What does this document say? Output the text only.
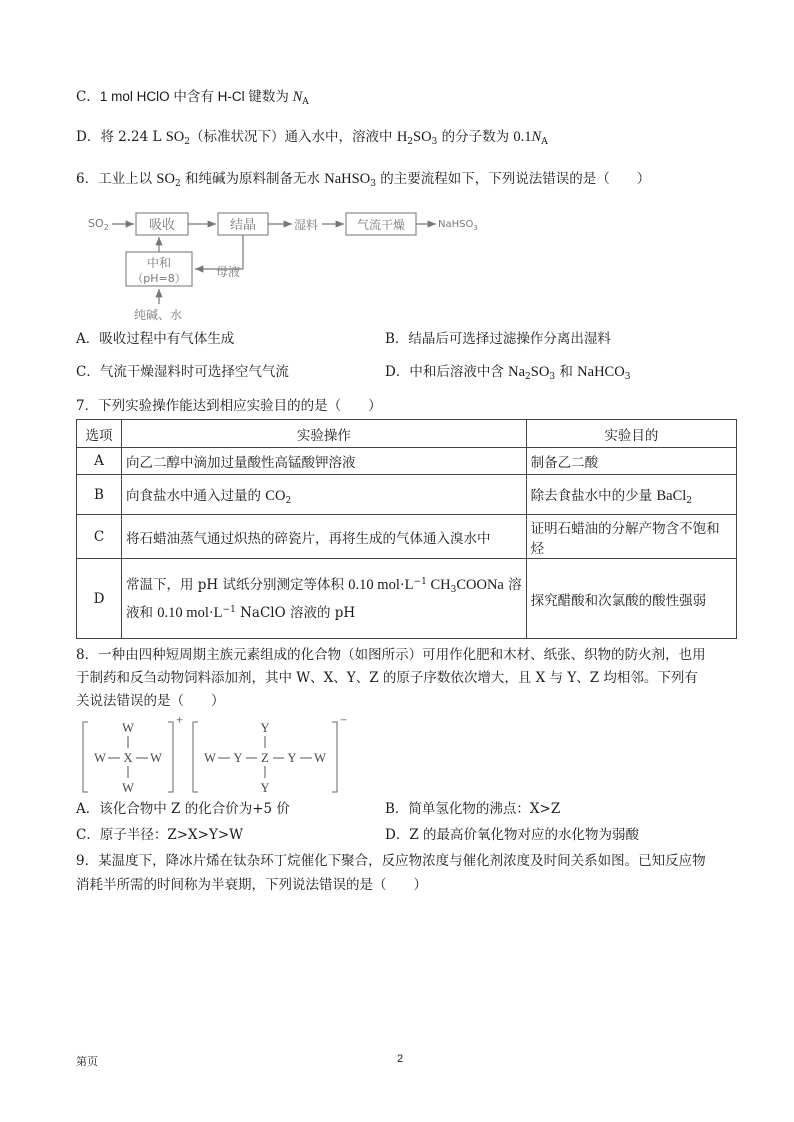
C．1 mol HClO 中含有 H-Cl 键数为 $N_A$
D．将 2.24 L $SO_2$（标准状况下）通入水中，溶液中 $H_2SO_3$ 的分子数为 $0.1N_A$
6．工业上以 $SO_2$ 和纯碱为原料制备无水 NaHSO$_3$ 的主要流程如下，下列说法错误的是（　　）
$SO_2$	吸收	结晶	湿料	气流干燥	NaHSO$_3$
中和
（pH=8）	母液
纯碱、水
A．吸收过程中有气体生成	B．结晶后可选择过滤操作分离出湿料
C．气流干燥湿料时可选择空气气流	D．中和后溶液中含 $Na_2SO_3$ 和 NaHCO$_3$
7．下列实验操作能达到相应实验目的的是（　　）
选项	实验操作	实验目的
A	向乙二醇中滴加过量酸性高锰酸钾溶液	制备乙二酸
B	向食盐水中通入过量的 $CO_2$	除去食盐水中的少量 BaCl$_2$
C	将石蜡油蒸气通过炽热的碎瓷片，再将生成的气体通入溴水中	证明石蜡油的分解产物含不饱和烃
D	常温下，用 pH 试纸分别测定等体积 0.10 $mol\cdot L^{-1}$ $CH_3COONa$ 溶
液和 0.10 $mol\cdot L^{-1}$ NaClO 溶液的 pH	探究醋酸和次氯酸的酸性强弱
8．一种由四种短周期主族元素组成的化合物（如图所示）可用作化肥和木材、纸张、织物的防火剂，也用
于制药和反刍动物饲料添加剂，其中 W、X、Y、Z 的原子序数依次增大，且 X 与 Y、Z 均相邻。下列有
关说法错误的是（　　）
+
W
W X W
W
−
Y
W Y Z Y W
Y
A．该化合物中 Z 的化合价为+5 价	B．简单氢化物的沸点：X>Z
C．原子半径：Z>X>Y>W	D．Z 的最高价氧化物对应的水化物为弱酸
9．某温度下，降冰片烯在钛杂环丁烷催化下聚合，反应物浓度与催化剂浓度及时间关系如图。已知反应物
消耗半所需的时间称为半衰期，下列说法错误的是（　　）
第页	2
